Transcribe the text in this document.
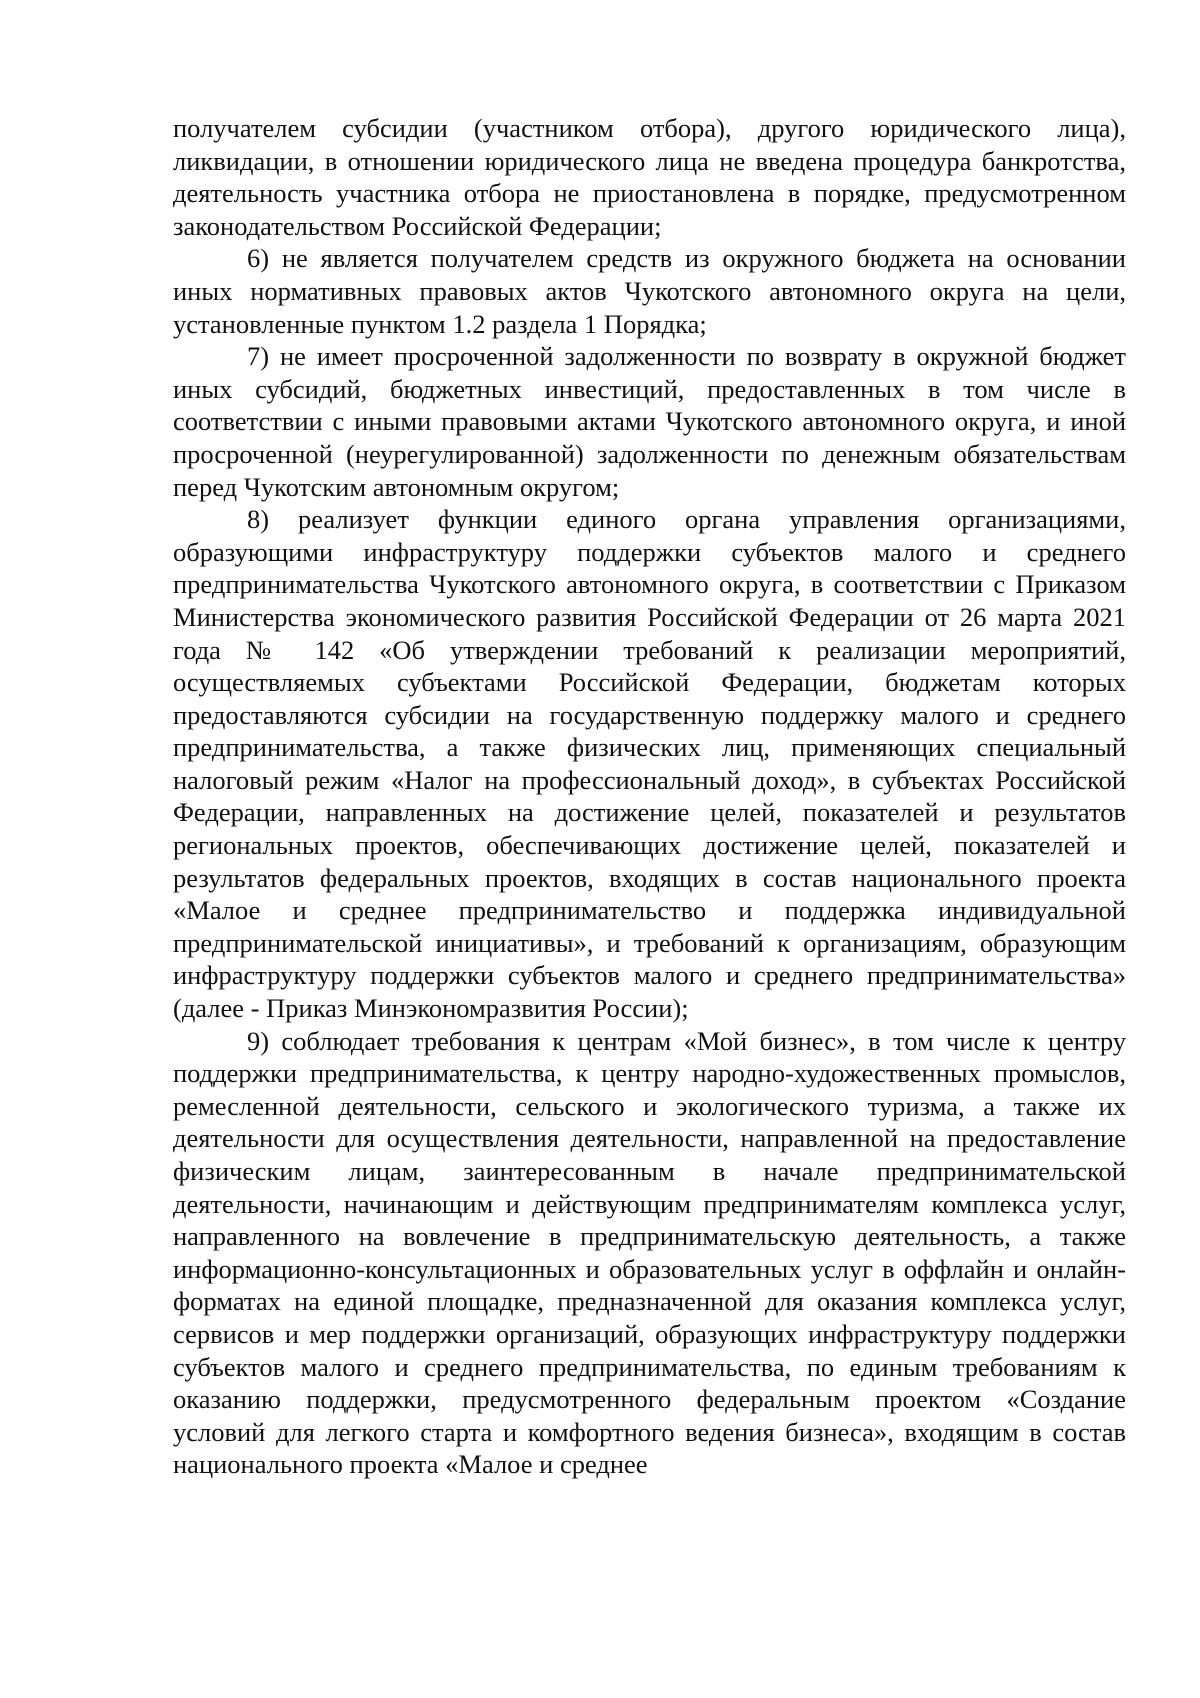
получателем субсидии (участником отбора), другого юридического лица), ликвидации, в отношении юридического лица не введена процедура банкротства, деятельность участника отбора не приостановлена в порядке, предусмотренном законодательством Российской Федерации;

6) не является получателем средств из окружного бюджета на основании иных нормативных правовых актов Чукотского автономного округа на цели, установленные пунктом 1.2 раздела 1 Порядка;

7) не имеет просроченной задолженности по возврату в окружной бюджет иных субсидий, бюджетных инвестиций, предоставленных в том числе в соответствии с иными правовыми актами Чукотского автономного округа, и иной просроченной (неурегулированной) задолженности по денежным обязательствам перед Чукотским автономным округом;

8) реализует функции единого органа управления организациями, образующими инфраструктуру поддержки субъектов малого и среднего предпринимательства Чукотского автономного округа, в соответствии с Приказом Министерства экономического развития Российской Федерации от 26 марта 2021 года № 142 «Об утверждении требований к реализации мероприятий, осуществляемых субъектами Российской Федерации, бюджетам которых предоставляются субсидии на государственную поддержку малого и среднего предпринимательства, а также физических лиц, применяющих специальный налоговый режим «Налог на профессиональный доход», в субъектах Российской Федерации, направленных на достижение целей, показателей и результатов региональных проектов, обеспечивающих достижение целей, показателей и результатов федеральных проектов, входящих в состав национального проекта «Малое и среднее предпринимательство и поддержка индивидуальной предпринимательской инициативы», и требований к организациям, образующим инфраструктуру поддержки субъектов малого и среднего предпринимательства» (далее - Приказ Минэкономразвития России);

9) соблюдает требования к центрам «Мой бизнес», в том числе к центру поддержки предпринимательства, к центру народно-художественных промыслов, ремесленной деятельности, сельского и экологического туризма, а также их деятельности для осуществления деятельности, направленной на предоставление физическим лицам, заинтересованным в начале предпринимательской деятельности, начинающим и действующим предпринимателям комплекса услуг, направленного на вовлечение в предпринимательскую деятельность, а также информационно-консультационных и образовательных услуг в оффлайн и онлайн-форматах на единой площадке, предназначенной для оказания комплекса услуг, сервисов и мер поддержки организаций, образующих инфраструктуру поддержки субъектов малого и среднего предпринимательства, по единым требованиям к оказанию поддержки, предусмотренного федеральным проектом «Создание условий для легкого старта и комфортного ведения бизнеса», входящим в состав национального проекта «Малое и среднее
